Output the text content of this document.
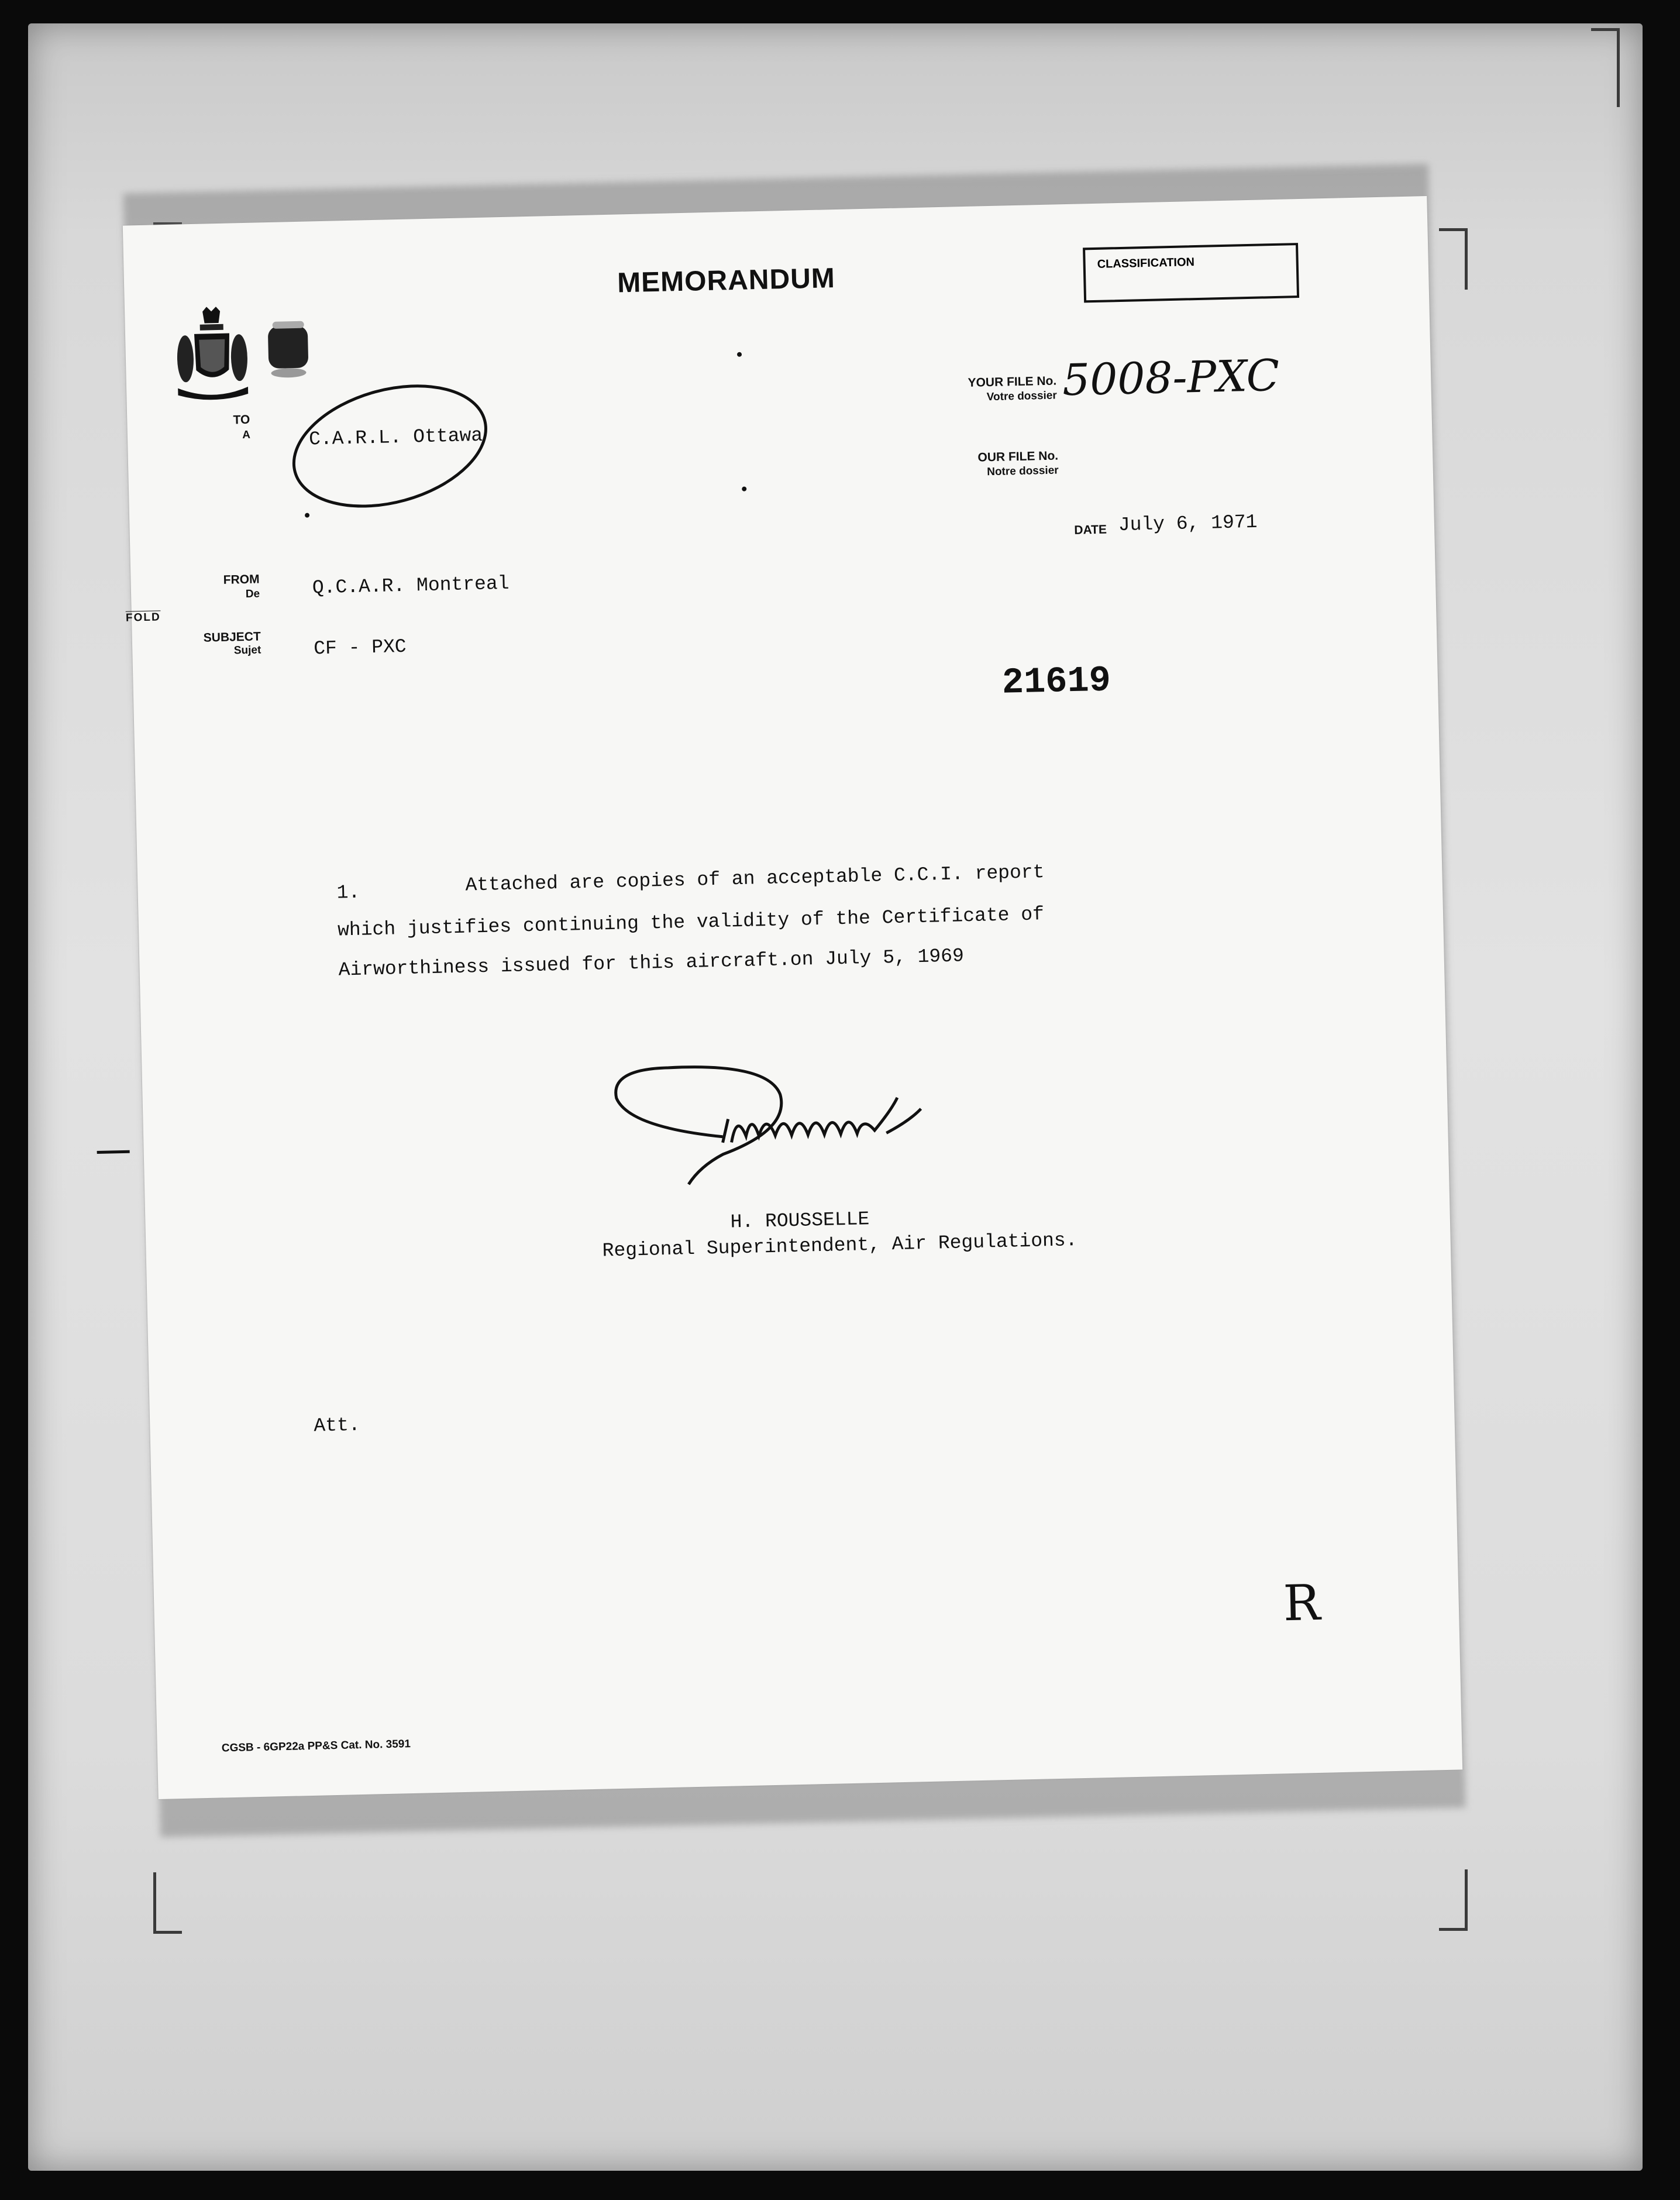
MEMORANDUM	CLASSIFICATION
TO
A	C.A.R.L. Ottawa
YOUR FILE No.
Votre dossier 5008-PXC
OUR FILE No.
Notre dossier
DATE July 6, 1971
FROM
De	Q.C.A.R. Montreal
FOLD
SUBJECT
Sujet	CF - PXC
21619
1.	Attached are copies of an acceptable C.C.I. report
which justifies continuing the validity of the Certificate of
Airworthiness issued for this aircraft.on July 5, 1969
H. ROUSSELLE
Regional Superintendent, Air Regulations.
Att.
R
CGSB - 6GP22a PP&S Cat. No. 3591
